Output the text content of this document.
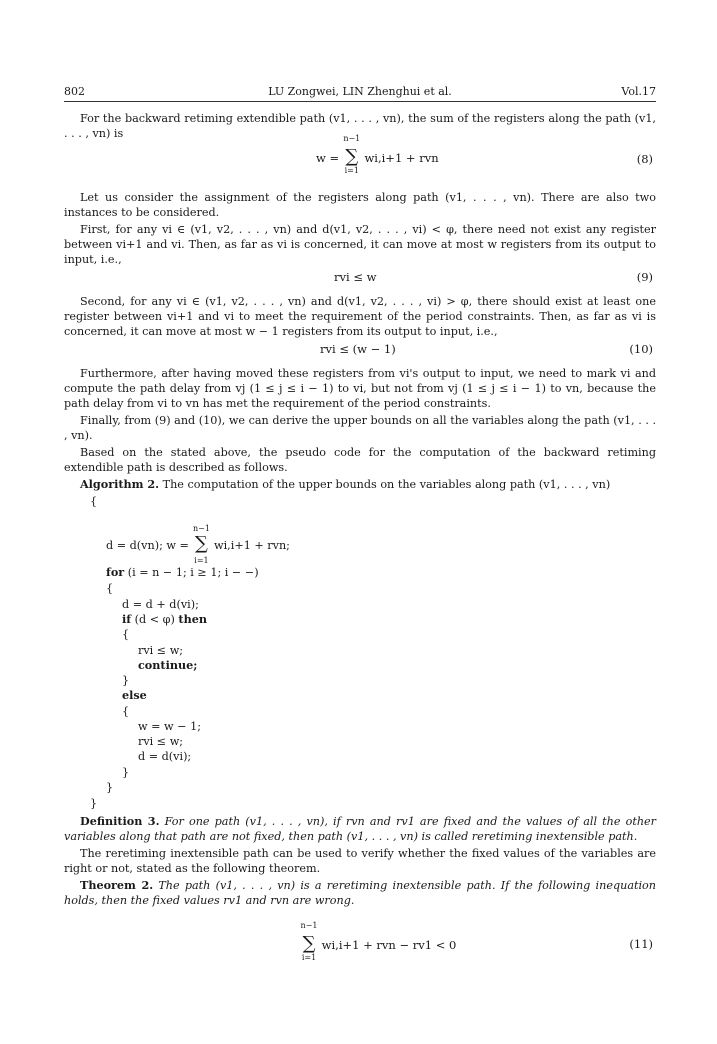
802	LU Zongwei, LIN Zhenghui et al.	Vol.17

For the backward retiming extendible path (v1, . . . , vn), the sum of the registers along the path (v1, . . . , vn) is

w =
n−1
∑
i=1
wi,i+1 + rvn	(8)

Let us consider the assignment of the registers along path (v1, . . . , vn). There are also two instances to be considered.

First, for any vi ∈ (v1, v2, . . . , vn) and d(v1, v2, . . . , vi) < φ, there need not exist any register between vi+1 and vi. Then, as far as vi is concerned, it can move at most w registers from its output to input, i.e.,

rvi ≤ w	(9)

Second, for any vi ∈ (v1, v2, . . . , vn) and d(v1, v2, . . . , vi) > φ, there should exist at least one register between vi+1 and vi to meet the requirement of the period constraints. Then, as far as vi is concerned, it can move at most w − 1 registers from its output to input, i.e.,

rvi ≤ (w − 1)	(10)

Furthermore, after having moved these registers from vi's output to input, we need to mark vi and compute the path delay from vj (1 ≤ j ≤ i − 1) to vi, but not from vj (1 ≤ j ≤ i − 1) to vn, because the path delay from vi to vn has met the requirement of the period constraints.

Finally, from (9) and (10), we can derive the upper bounds on all the variables along the path (v1, . . . , vn).

Based on the stated above, the pseudo code for the computation of the backward retiming extendible path is described as follows.

Algorithm 2. The computation of the upper bounds on the variables along path (v1, . . . , vn)

{
d = d(vn); w =
n−1
∑
i=1
wi,i+1 + rvn;
for (i = n − 1; i ≥ 1; i − −)
{
d = d + d(vi);
if (d < φ) then
{
rvi ≤ w;
continue;
}
else
{
w = w − 1;
rvi ≤ w;
d = d(vi);
}
}
}

Definition 3. For one path (v1, . . . , vn), if rvn and rv1 are fixed and the values of all the other variables along that path are not fixed, then path (v1, . . . , vn) is called reretiming inextensible path.

The reretiming inextensible path can be used to verify whether the fixed values of the variables are right or not, stated as the following theorem.

Theorem 2. The path (v1, . . . , vn) is a reretiming inextensible path. If the following inequation holds, then the fixed values rv1 and rvn are wrong.

n−1
∑
i=1
wi,i+1 + rvn − rv1 < 0	(11)
